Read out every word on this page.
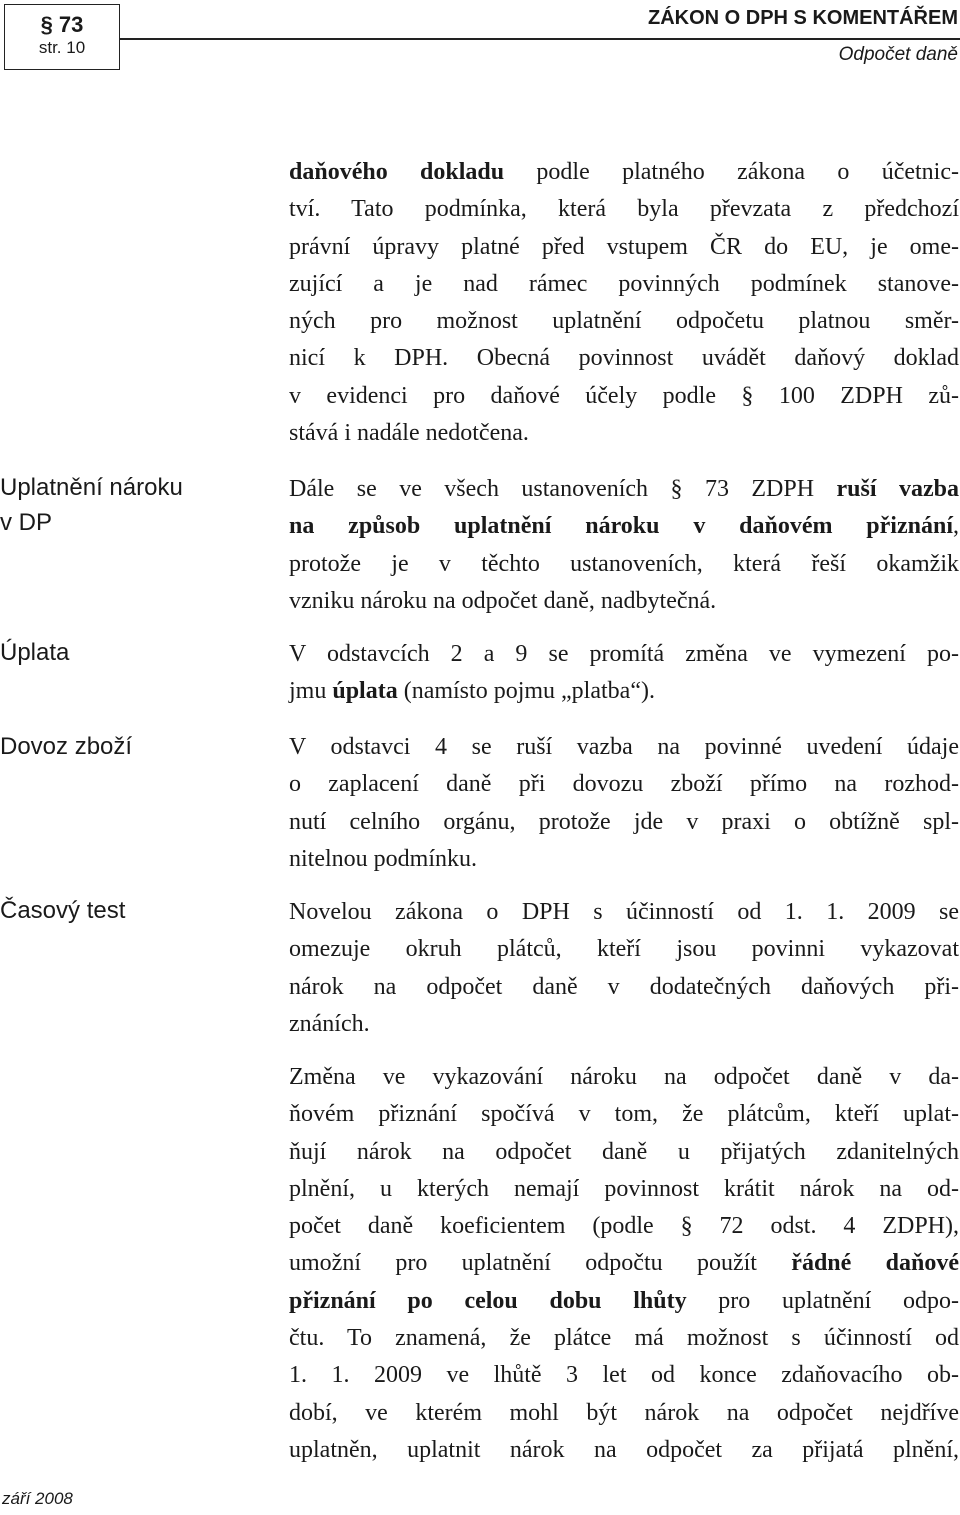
§ 73
str. 10
ZÁKON O DPH S KOMENTÁŘEM
Odpočet daně
Uplatnění nároku
v DP
Úplata
Dovoz zboží
Časový test
daňového dokladu podle platného zákona o účetnic-
tví. Tato podmínka, která byla převzata z předchozí
právní úpravy platné před vstupem ČR do EU, je ome-
zující a je nad rámec povinných podmínek stanove-
ných pro možnost uplatnění odpočetu platnou směr-
nicí k DPH. Obecná povinnost uvádět daňový doklad
v evidenci pro daňové účely podle § 100 ZDPH zů-
stává i nadále nedotčena.
Dále se ve všech ustanoveních § 73 ZDPH ruší vazba
na způsob uplatnění nároku v daňovém přiznání,
protože je v těchto ustanoveních, která řeší okamžik
vzniku nároku na odpočet daně, nadbytečná.
V odstavcích 2 a 9 se promítá změna ve vymezení po-
jmu úplata (namísto pojmu „platba“).
V odstavci 4 se ruší vazba na povinné uvedení údaje
o zaplacení daně při dovozu zboží přímo na rozhod-
nutí celního orgánu, protože jde v praxi o obtížně spl-
nitelnou podmínku.
Novelou zákona o DPH s účinností od 1. 1. 2009 se
omezuje okruh plátců, kteří jsou povinni vykazovat
nárok na odpočet daně v dodatečných daňových při-
znáních.
Změna ve vykazování nároku na odpočet daně v da-
ňovém přiznání spočívá v tom, že plátcům, kteří uplat-
ňují nárok na odpočet daně u přijatých zdanitelných
plnění, u kterých nemají povinnost krátit nárok na od-
počet daně koeficientem (podle § 72 odst. 4 ZDPH),
umožní pro uplatnění odpočtu použít řádné daňové
přiznání po celou dobu lhůty pro uplatnění odpo-
čtu. To znamená, že plátce má možnost s účinností od
1. 1. 2009 ve lhůtě 3 let od konce zdaňovacího ob-
dobí, ve kterém mohl být nárok na odpočet nejdříve
uplatněn, uplatnit nárok na odpočet za přijatá plnění,
září 2008
